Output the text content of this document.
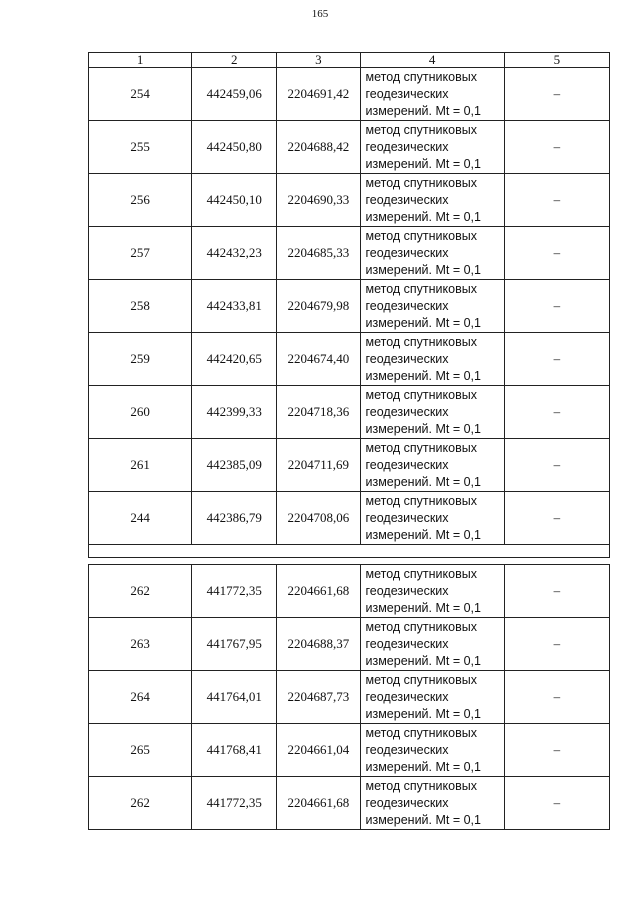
165
1	2	3	4	5
254	442459,06	2204691,42	метод спутниковых
геодезических
измерений. Mt = 0,1	–
255	442450,80	2204688,42	метод спутниковых
геодезических
измерений. Mt = 0,1	–
256	442450,10	2204690,33	метод спутниковых
геодезических
измерений. Mt = 0,1	–
257	442432,23	2204685,33	метод спутниковых
геодезических
измерений. Mt = 0,1	–
258	442433,81	2204679,98	метод спутниковых
геодезических
измерений. Mt = 0,1	–
259	442420,65	2204674,40	метод спутниковых
геодезических
измерений. Mt = 0,1	–
260	442399,33	2204718,36	метод спутниковых
геодезических
измерений. Mt = 0,1	–
261	442385,09	2204711,69	метод спутниковых
геодезических
измерений. Mt = 0,1	–
244	442386,79	2204708,06	метод спутниковых
геодезических
измерений. Mt = 0,1	–

262	441772,35	2204661,68	метод спутниковых
геодезических
измерений. Mt = 0,1	–
263	441767,95	2204688,37	метод спутниковых
геодезических
измерений. Mt = 0,1	–
264	441764,01	2204687,73	метод спутниковых
геодезических
измерений. Mt = 0,1	–
265	441768,41	2204661,04	метод спутниковых
геодезических
измерений. Mt = 0,1	–
262	441772,35	2204661,68	метод спутниковых
геодезических
измерений. Mt = 0,1	–
